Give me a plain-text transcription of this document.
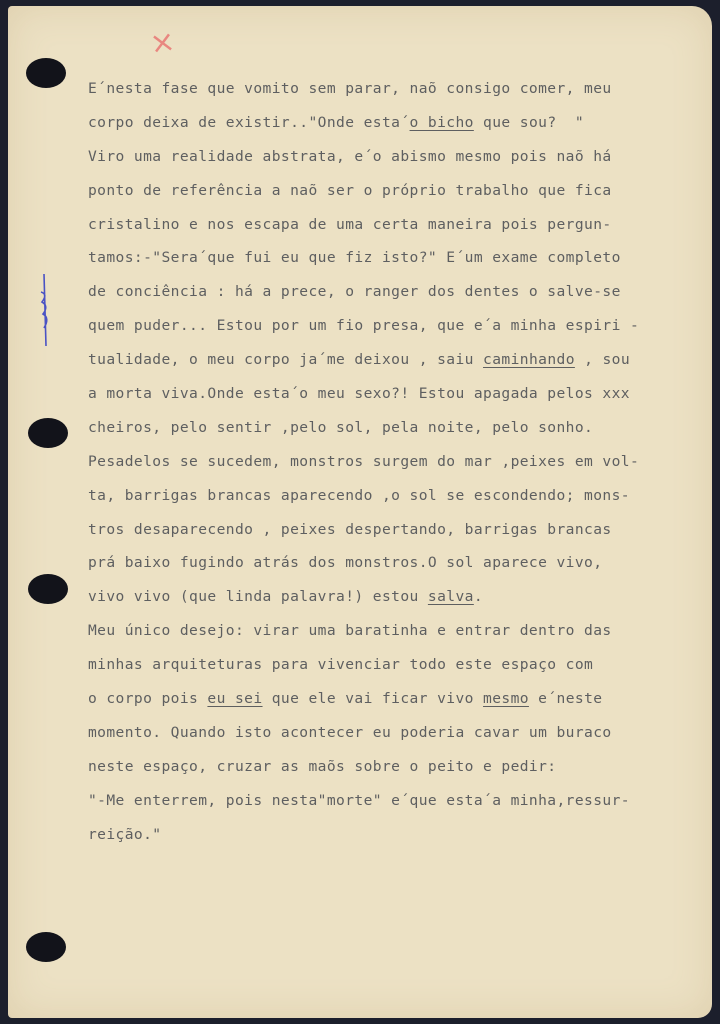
×
E´nesta fase que vomito sem parar, naõ consigo comer, meu
corpo deixa de existir.."Onde esta´o bicho que sou?  "
Viro uma realidade abstrata, e´o abismo mesmo pois naõ há
ponto de referência a naõ ser o próprio trabalho que fica
cristalino e nos escapa de uma certa maneira pois pergun-
tamos:-"Sera´que fui eu que fiz isto?" E´um exame completo
de conciência : há a prece, o ranger dos dentes o salve-se
quem puder... Estou por um fio presa, que e´a minha espiri -
tualidade, o meu corpo ja´me deixou , saiu caminhando , sou
a morta viva.Onde esta´o meu sexo?! Estou apagada pelos xxx
cheiros, pelo sentir ,pelo sol, pela noite, pelo sonho.
Pesadelos se sucedem, monstros surgem do mar ,peixes em vol-
ta, barrigas brancas aparecendo ,o sol se escondendo; mons-
tros desaparecendo , peixes despertando, barrigas brancas
prá baixo fugindo atrás dos monstros.O sol aparece vivo,
vivo vivo (que linda palavra!) estou salva.
Meu único desejo: virar uma baratinha e entrar dentro das
minhas arquiteturas para vivenciar todo este espaço com
o corpo pois eu sei que ele vai ficar vivo mesmo e´neste
momento. Quando isto acontecer eu poderia cavar um buraco
neste espaço, cruzar as maõs sobre o peito e pedir:
"-Me enterrem, pois nesta"morte" e´que esta´a minha,ressur-
reição."
